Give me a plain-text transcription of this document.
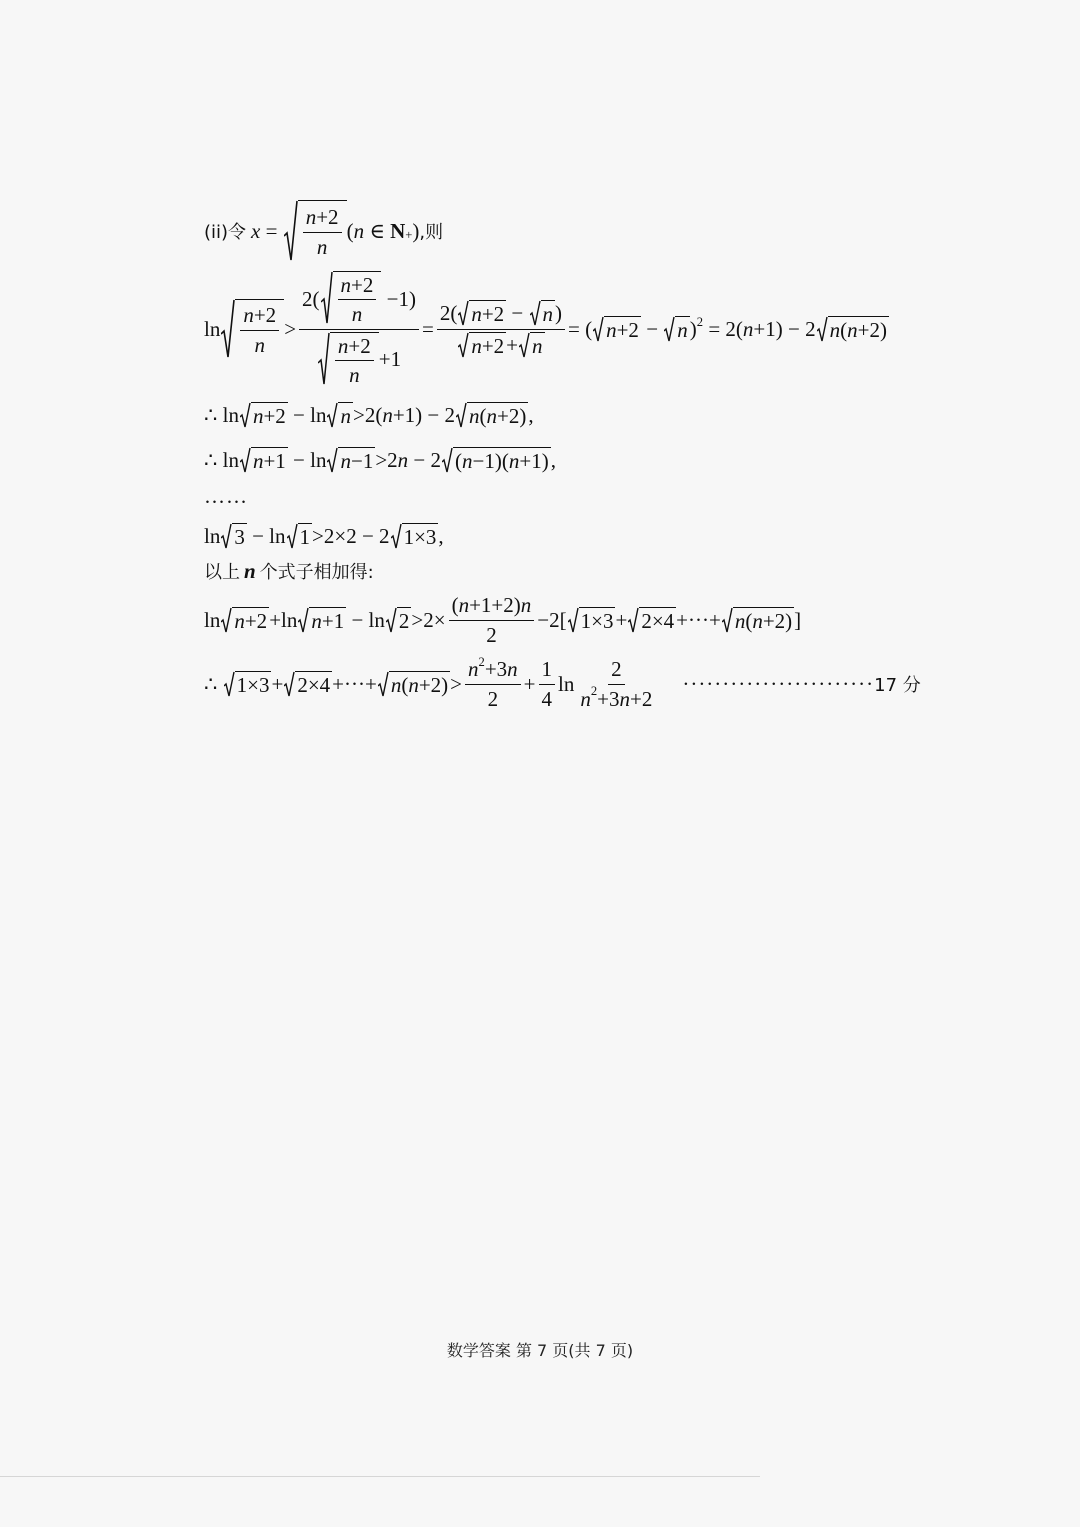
(ⅰi)令 $x = \frac{n +2}{n}$ ( n ∈ $N_+$ ) ,则
$\ln \frac{n +2}{n} > \frac{2( \frac{n +2}{n} -1)}{\frac{n +2}{n} +1} = \frac{2( n +2 - n )}{n +2 + n}$ = ( n +2 − n )$^2$ = 2( n +1) − 2 n ( n +2)
∴ ln n +2 − ln n >2( n +1) − 2 n ( n +2) ,
∴ ln n +1 − ln n −1 >2 n − 2 ( n −1)( n +1) ,
……
ln 3 − ln 1 >2×2 − 2 1×3 ,
以上 n 个式子相加得:
ln n +2 +ln $n +1 - \ln 2 >2\times \frac{( n +1+2) n}{2} -2$[ 1×3 + 2×4 +···+ n ( n +2) ]
∴ 1×3 + 2×4 +···+ n ( $n +2) > \frac{n^2 +3 n}{2} + \frac{1}{4}$ $\ln \frac{2}{n^2 +3 n +2} \cdot\cdot\cdot\cdot\cdot\cdot\cdot\cdot\cdot\cdot\cdot\cdot\cdot\cdot\cdot\cdot\cdot\cdot\cdot\cdot\cdot\cdot\cdot\cdot 17$ 分
数学答案 第 7 页(共 7 页)
